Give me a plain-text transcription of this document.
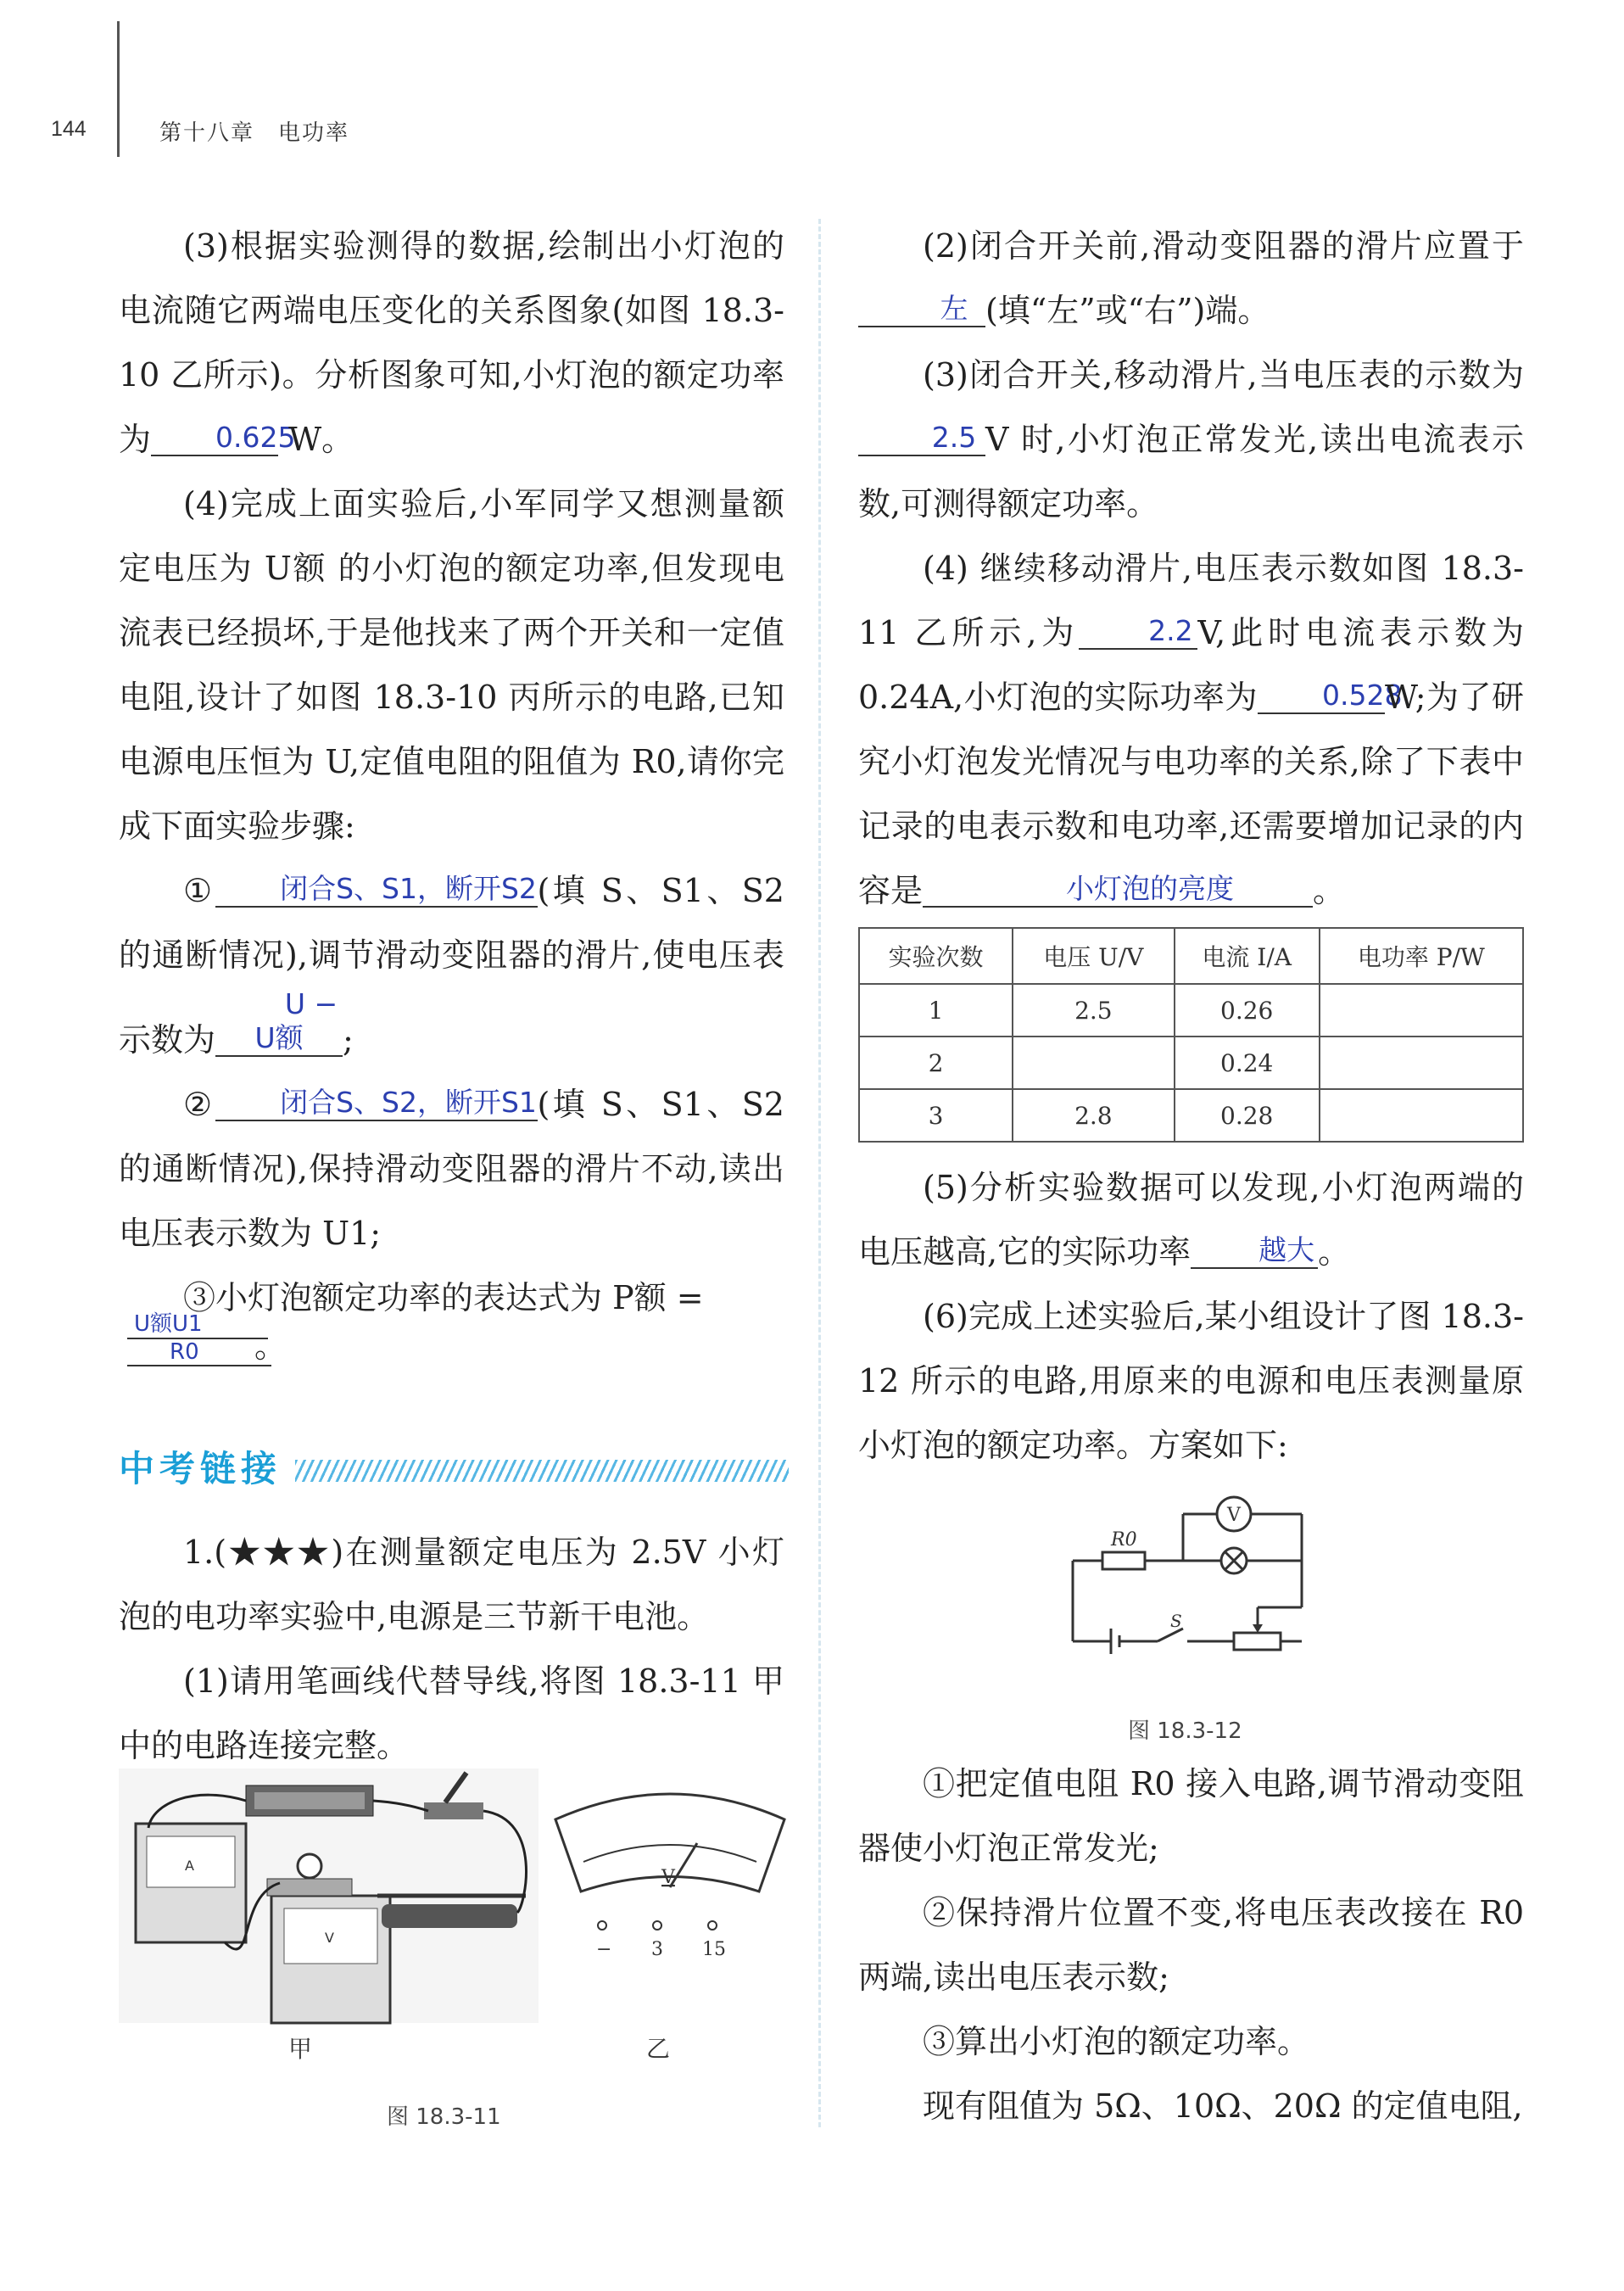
144	第十八章　电功率

(3)根据实验测得的数据,绘制出小灯泡的电流随它两端电压变化的关系图象(如图 18.3-10 乙所示)。分析图象可知,小灯泡的额定功率为 0.625 W。

(4)完成上面实验后,小军同学又想测量额定电压为 U额 的小灯泡的额定功率,但发现电流表已经损坏,于是他找来了两个开关和一定值电阻,设计了如图 18.3-10 丙所示的电路,已知电源电压恒为 U,定值电阻的阻值为 R0,请你完成下面实验步骤:

① 闭合S、S1，断开S2(填 S、S1、S2 的通断情况),调节滑动变阻器的滑片,使电压表示数为U − U额 ;

② 闭合S、S2，断开S1(填 S、S1、S2 的通断情况),保持滑动变阻器的滑片不动,读出电压表示数为 U1;

③小灯泡额定功率的表达式为 P额 =

U额U1
R0	。
中考链接

1.(★★★)在测量额定电压为 2.5V 小灯泡的电功率实验中,电源是三节新干电池。

(1)请用笔画线代替导线,将图 18.3-11 甲中的电路连接完整。

A
V
V
− 3 15
甲	乙
图 18.3-11

(2)闭合开关前,滑动变阻器的滑片应置于左 (填“左”或“右”)端。

(3)闭合开关,移动滑片,当电压表的示数为2.5 V 时,小灯泡正常发光,读出电流表示数,可测得额定功率。

(4) 继续移动滑片,电压表示数如图 18.3-11 乙所示,为 2.2 V,此时电流表示数为 0.24A,小灯泡的实际功率为 0.528W;为了研究小灯泡发光情况与电功率的关系,除了下表中记录的电表示数和电功率,还需要增加记录的内容是	小灯泡的亮度 。

实验次数	电压 U/V	电流 I/A	电功率 P/W
1	2.5	0.26	
2		0.24	
3	2.8	0.28	

(5)分析实验数据可以发现,小灯泡两端的电压越高,它的实际功率 越大 。

(6)完成上述实验后,某小组设计了图 18.3-12 所示的电路,用原来的电源和电压表测量原小灯泡的额定功率。方案如下:

V
R0
S
图 18.3-12

①把定值电阻 R0 接入电路,调节滑动变阻器使小灯泡正常发光;

②保持滑片位置不变,将电压表改接在 R0 两端,读出电压表示数;

③算出小灯泡的额定功率。

现有阻值为 5Ω、10Ω、20Ω 的定值电阻,
